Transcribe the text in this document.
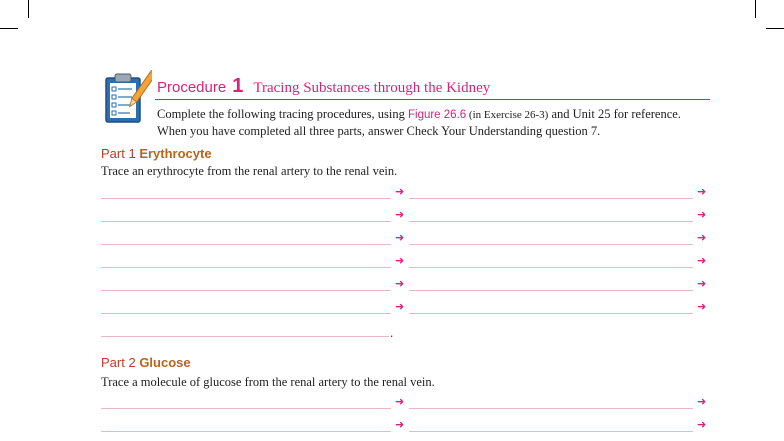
Procedure 1 Tracing Substances through the Kidney

Complete the following tracing procedures, using Figure 26.6 (in Exercise 26-3) and Unit 25 for reference.
When you have completed all three parts, answer Check Your Understanding question 7.

Part 1 Erythrocyte

Trace an erythrocyte from the renal artery to the renal vein.

➜	➜
➜	➜
➜	➜
➜	➜
➜	➜
➜	➜
.
Part 2 Glucose

Trace a molecule of glucose from the renal artery to the renal vein.

➜	➜
➜	➜
